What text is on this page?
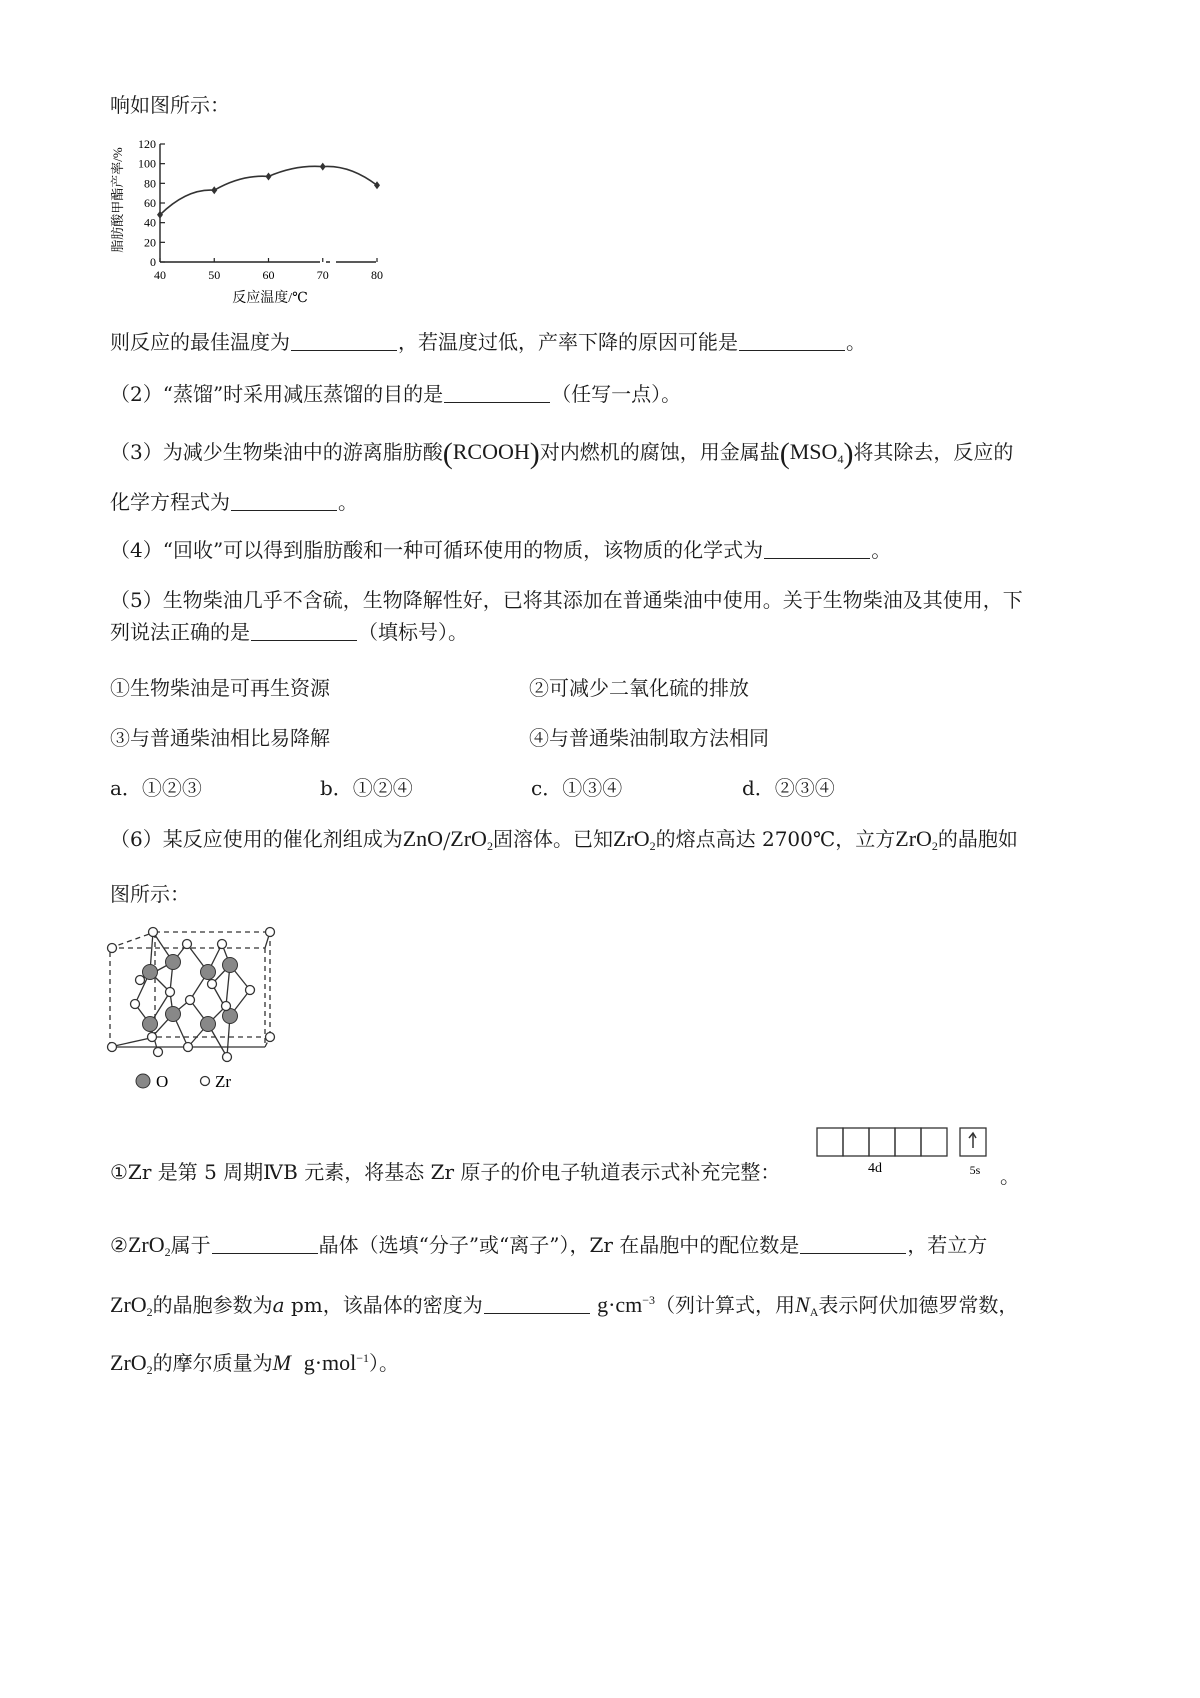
响如图所示：
0
20
40
60
80
100
120
40	50	60	70	80
脂肪酸甲酯产率/%
反应温度/℃
则反应的最佳温度为	，若温度过低，产率下降的原因可能是	。
（2）“蒸馏”时采用减压蒸馏的目的是	（任写一点）。
（3）为减少生物柴油中的游离脂肪酸(RCOOH)对内燃机的腐蚀，用金属盐$(MSO_4)$将其除去，反应的
化学方程式为	。
（4）“回收”可以得到脂肪酸和一种可循环使用的物质，该物质的化学式为	。
（5）生物柴油几乎不含硫，生物降解性好，已将其添加在普通柴油中使用。关于生物柴油及其使用，下
列说法正确的是	（填标号）。
①生物柴油是可再生资源	②可减少二氧化硫的排放
③与普通柴油相比易降解	④与普通柴油制取方法相同
a．①②③	b．①②④	c．①③④	d．②③④
（6）某反应使用的催化剂组成为ZnO/ZrO$_2$固溶体。已知ZrO$_2$的熔点高达 2700℃，立方ZrO$_2$的晶胞如
图所示：
O	Zr
①Zr 是第 5 周期ⅣB 元素，将基态 Zr 原子的价电子轨道表示式补充完整：	4d	5s 。
②ZrO$_2$属于	晶体（选填“分子”或“离子”），Zr 在晶胞中的配位数是	，若立方
ZrO$_2$的晶胞参数为a pm，该晶体的密度为	$g\cdot cm^{-3}$（列计算式，用$N_A$表示阿伏加德罗常数，
ZrO$_2$的摩尔质量为M g·mol$^{-1}$）。
